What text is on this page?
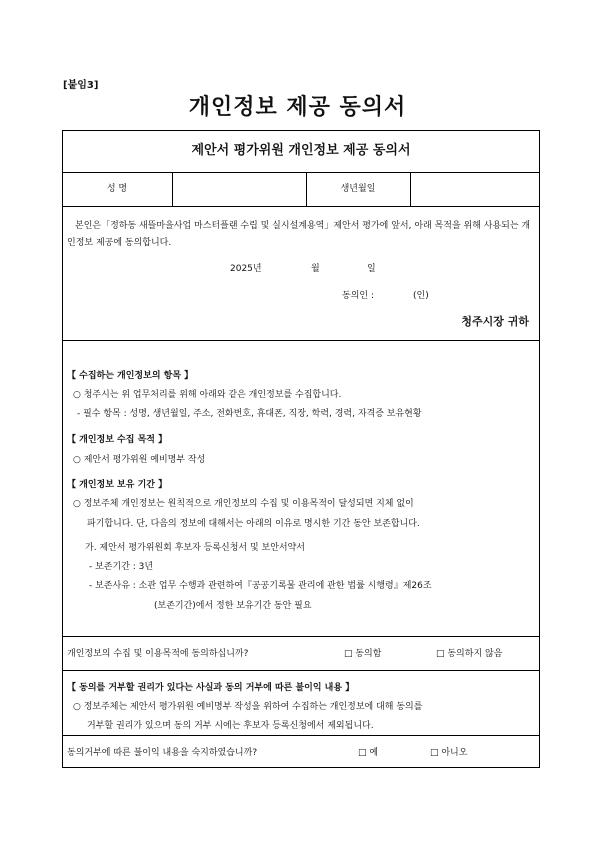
[붙임3]
개인정보 제공 동의서
제안서 평가위원 개인정보 제공 동의서
성 명	생년월일
본인은「정하동 새뜰마을사업 마스터플랜 수립 및 실시설계용역」제안서 평가에 앞서, 아래 목적을 위해 사용되는 개인정보 제공에 동의합니다.
2025년	월	일
동의인 :	(인)
청주시장 귀하
【 수집하는 개인정보의 항목 】
○ 청주시는 위 업무처리를 위해 아래와 같은 개인정보를 수집합니다.
- 필수 항목 : 성명, 생년월일, 주소, 전화번호, 휴대폰, 직장, 학력, 경력, 자격증 보유현황
【 개인정보 수집 목적 】
○ 제안서 평가위원 예비명부 작성
【 개인정보 보유 기간 】
○ 정보주체 개인정보는 원칙적으로 개인정보의 수집 및 이용목적이 달성되면 지체 없이
파기합니다. 단, 다음의 정보에 대해서는 아래의 이유로 명시한 기간 동안 보존합니다.
가. 제안서 평가위원회 후보자 등록신청서 및 보안서약서
- 보존기간 : 3년
- 보존사유 : 소관 업무 수행과 관련하여『공공기록물 관리에 관한 법률 시행령』제26조
(보존기간)에서 정한 보유기간 동안 필요
개인정보의 수집 및 이용목적에 동의하십니까?	□ 동의함	□ 동의하지 않음
【 동의를 거부할 권리가 있다는 사실과 동의 거부에 따른 불이익 내용 】
○ 정보주체는 제안서 평가위원 예비명부 작성을 위하여 수집하는 개인정보에 대해 동의를
거부할 권리가 있으며 동의 거부 시에는 후보자 등록신청에서 제외됩니다.
동의거부에 따른 불이익 내용을 숙지하였습니까?	□ 예	□ 아니오
